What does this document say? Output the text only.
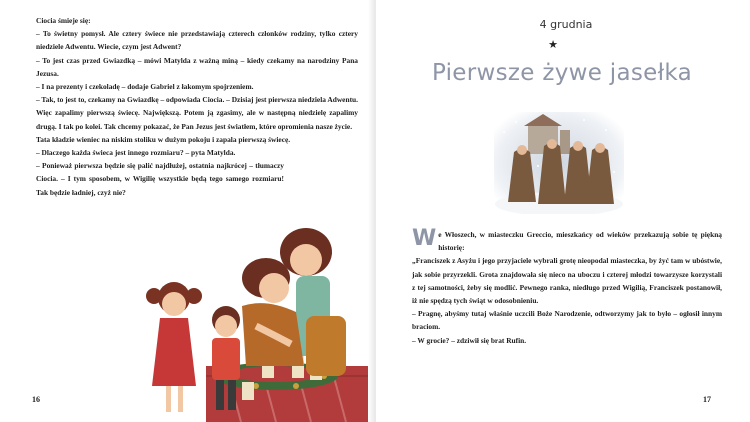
Ciocia śmieje się:

– To świetny pomysł. Ale cztery świece nie przedstawiają czterech członków rodziny, tylko cztery niedziele Adwentu. Wiecie, czym jest Adwent?

– To jest czas przed Gwiazdką – mówi Matylda z ważną miną – kiedy czekamy na narodziny Pana Jezusa.

– I na prezenty i czekoladę – dodaje Gabriel z łakomym spojrzeniem.

– Tak, to jest to, czekamy na Gwiazdkę – odpowiada Ciocia. – Dzisiaj jest pierwsza niedziela Adwentu. Więc zapalimy pierwszą świecę. Największą. Potem ją zgasimy, ale w następną niedzielę zapalimy drugą. I tak po kolei. Tak chcemy pokazać, że Pan Jezus jest światłem, które opromienia nasze życie.

Tata kładzie wieniec na niskim stoliku w dużym pokoju i zapala pierwszą świecę.

– Dlaczego każda świeca jest innego rozmiaru? – pyta Matylda.

– Ponieważ pierwsza będzie się palić najdłużej, ostatnia najkrócej – tłumaczy Ciocia. – I tym sposobem, w Wigilię wszystkie będą tego samego rozmiaru! Tak będzie ładniej, czyż nie?

16
4 grudnia
★
Pierwsze żywe jasełka

We Włoszech, w miasteczku Greccio, mieszkańcy od wieków przekazują sobie tę piękną historię:

„Franciszek z Asyżu i jego przyjaciele wybrali grotę nieopodal miasteczka, by żyć tam w ubóstwie, jak sobie przyrzekli. Grota znajdowała się nieco na uboczu i czterej młodzi towarzysze korzystali z tej samotności, żeby się modlić. Pewnego ranka, niedługo przed Wigilią, Franciszek postanowił, iż nie spędzą tych świąt w odosobnieniu.

– Pragnę, abyśmy tutaj właśnie uczcili Boże Narodzenie, odtworzymy jak to było – ogłosił innym braciom.

– W grocie? – zdziwił się brat Rufin.

17
